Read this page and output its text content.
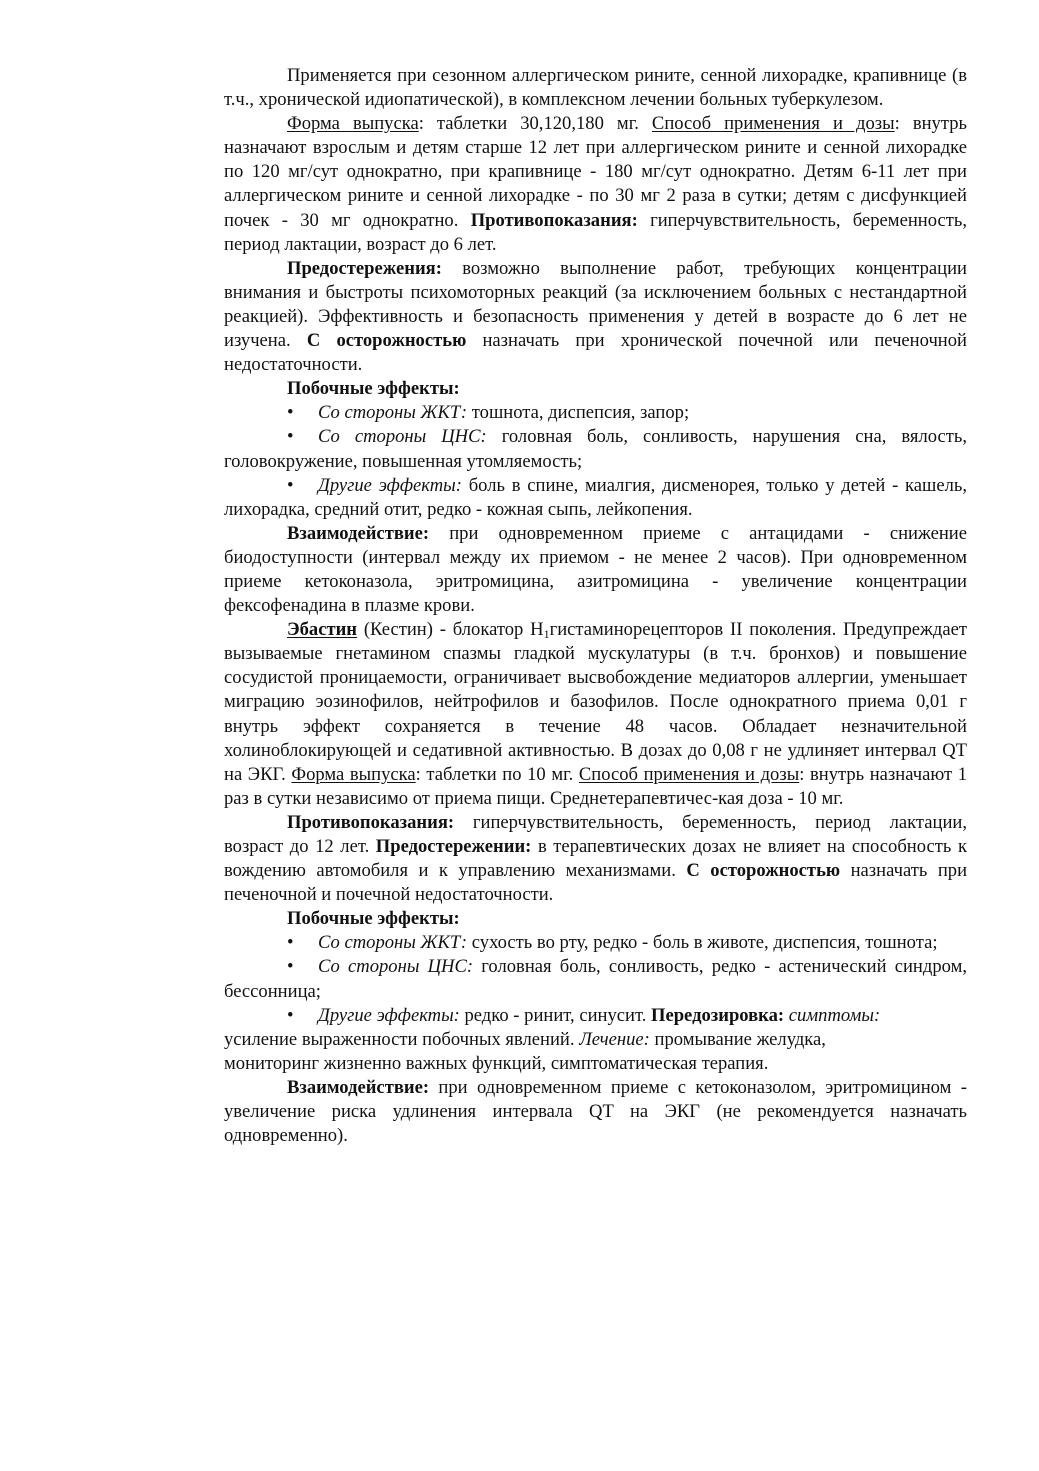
Применяется при сезонном аллергическом рините, сенной лихорадке, крапивнице (в т.ч., хронической идиопатической), в комплексном лечении больных туберкулезом.

Форма выпуска: таблетки 30,120,180 мг. Способ применения и дозы: внутрь назначают взрослым и детям старше 12 лет при аллергическом рините и сенной лихорадке по 120 мг/сут однократно, при крапивнице - 180 мг/сут однократно. Детям 6-11 лет при аллергическом рините и сенной лихорадке - по 30 мг 2 раза в сутки; детям с дисфункцией почек - 30 мг однократно. Противопоказания: гиперчувствительность, беременность, период лактации, возраст до 6 лет.

Предостережения: возможно выполнение работ, требующих концентрации внимания и быстроты психомоторных реакций (за исключением больных с нестандартной реакцией). Эффективность и безопасность применения у детей в возрасте до 6 лет не изучена. С осторожностью назначать при хронической почечной или печеночной недостаточности.

Побочные эффекты:

• Со стороны ЖКТ: тошнота, диспепсия, запор;

• Со стороны ЦНС: головная боль, сонливость, нарушения сна, вялость, головокружение, повышенная утомляемость;

• Другие эффекты: боль в спине, миалгия, дисменорея, только у детей - кашель, лихорадка, средний отит, редко - кожная сыпь, лейкопения.

Взаимодействие: при одновременном приеме с антацидами - снижение биодоступности (интервал между их приемом - не менее 2 часов). При одновременном приеме кетоконазола, эритромицина, азитромицина - увеличение концентрации фексофенадина в плазме крови.

Эбастин (Кестин) - блокатор $H_1гистаминорецепторов$ II поколения. Предупреждает вызываемые гнетамином спазмы гладкой мускулатуры (в т.ч. бронхов) и повышение сосудистой проницаемости, ограничивает высвобождение медиаторов аллергии, уменьшает миграцию эозинофилов, нейтрофилов и базофилов. После однократного приема 0,01 г внутрь эффект сохраняется в течение 48 часов. Обладает незначительной холиноблокирующей и седативной активностью. В дозах до 0,08 г не удлиняет интервал QT на ЭКГ. Форма выпуска: таблетки по 10 мг. Способ применения и дозы: внутрь назначают 1 раз в сутки независимо от приема пищи. Среднетерапевтичес-кая доза - 10 мг.

Противопоказания: гиперчувствительность, беременность, период лактации, возраст до 12 лет. Предостережении: в терапевтических дозах не влияет на способность к вождению автомобиля и к управлению механизмами. С осторожностью назначать при печеночной и почечной недостаточности.

Побочные эффекты:

• Со стороны ЖКТ: сухость во рту, редко - боль в животе, диспепсия, тошнота;

• Со стороны ЦНС: головная боль, сонливость, редко - астенический синдром, бессонница;

• Другие эффекты: редко - ринит, синусит. Передозировка: симптомы:
усиление выраженности побочных явлений. Лечение: промывание желудка,
мониторинг жизненно важных функций, симптоматическая терапия.

Взаимодействие: при одновременном приеме с кетоконазолом, эритромицином - увеличение риска удлинения интервала QT на ЭКГ (не рекомендуется назначать одновременно).
